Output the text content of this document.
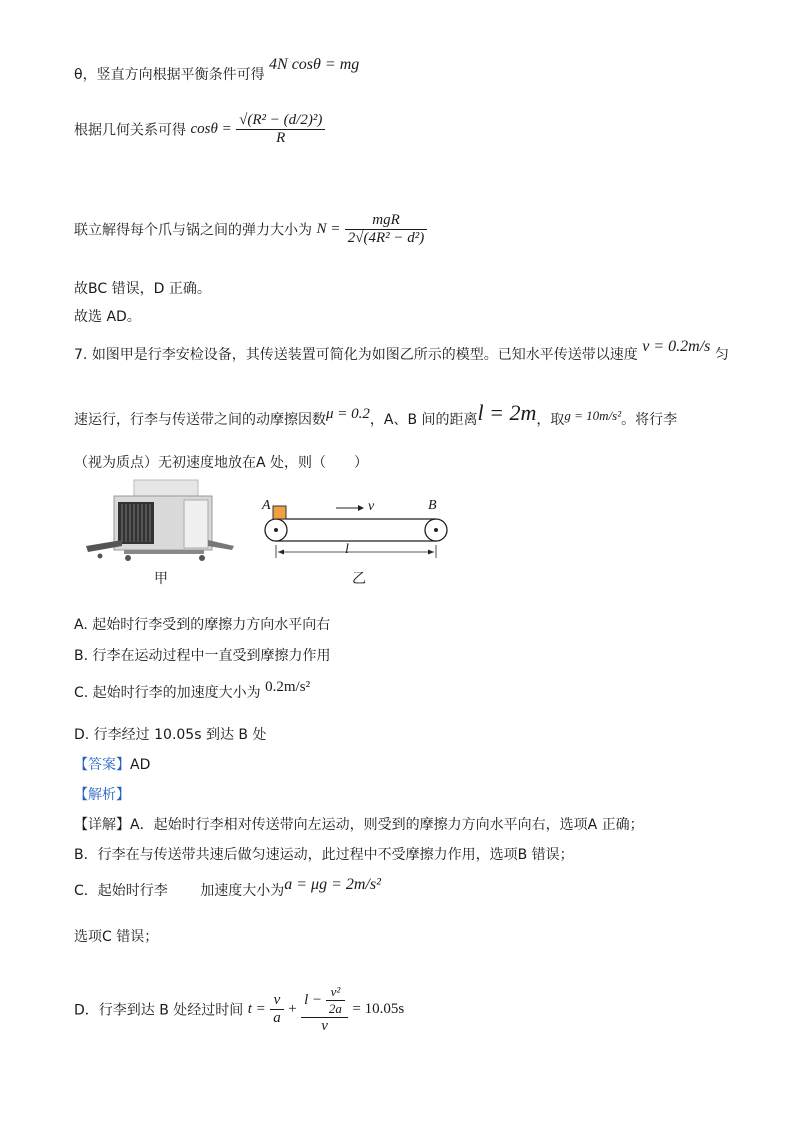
θ，竖直方向根据平衡条件可得 4N cosθ = mg
根据几何关系可得 $\cos\theta = \frac{\text{√(R² − (d/2)²)}}{R}$
联立解得每个爪与锅之间的弹力大小为 $N = \frac{\text{mgR}}{\text{2√(4R² − d²)}}$
故BC 错误，D 正确。
故选 AD。
7. 如图甲是行李安检设备，其传送装置可简化为如图乙所示的模型。已知水平传送带以速度 v = 0.2m/s 匀
速运行，行李与传送带之间的动摩擦因数μ = 0.2，A、B 间的距离l = 2m，取g = 10m/s²。将行李
（视为质点）无初速度地放在A 处，则（　　）
甲
A	B
v
l
乙
A. 起始时行李受到的摩擦力方向水平向右
B. 行李在运动过程中一直受到摩擦力作用
C. 起始时行李的加速度大小为 0.2m/s²
D. 行李经过 10.05s 到达 B 处
【答案】AD
【解析】
【详解】A．起始时行李相对传送带向左运动，则受到的摩擦力方向水平向右，选项A 正确；
B．行李在与传送带共速后做匀速运动，此过程中不受摩擦力作用，选项B 错误；
C．起始时行李 加速度大小为a = μg = 2m/s²
选项C 错误；
D．行李到达 B 处经过时间 $t = \frac{v}{a} + \frac{l - \frac{\text{v²}}{2a}}{v} = 10.05s$
